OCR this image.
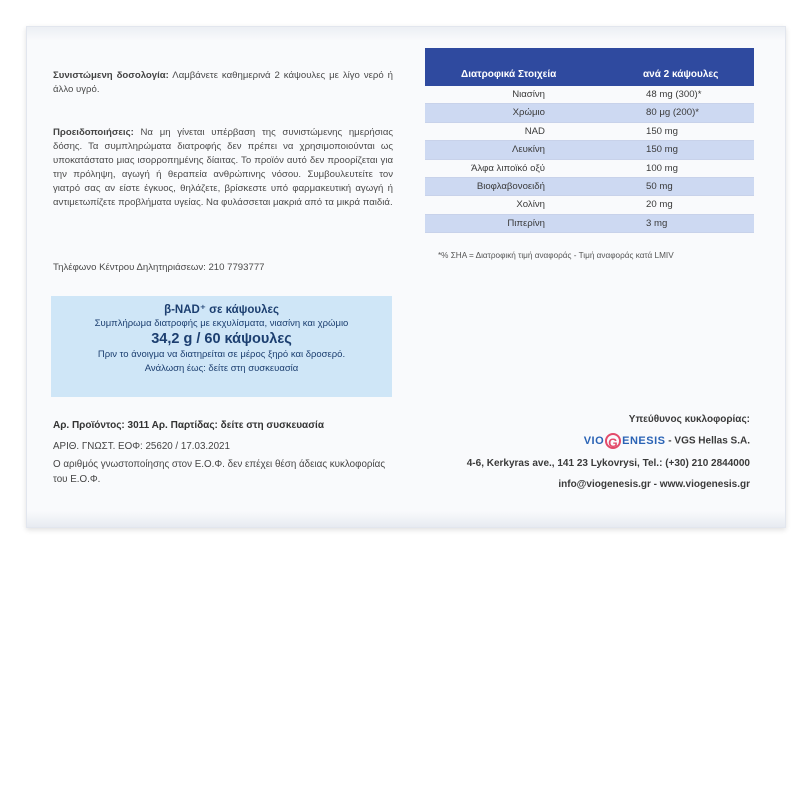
Συνιστώμενη δοσολογία: Λαμβάνετε καθημερινά 2 κάψουλες με λίγο νερό ή άλλο υγρό.
Προειδοποιήσεις: Να μη γίνεται υπέρβαση της συνιστώμενης ημερήσιας δόσης. Τα συμπληρώματα διατροφής δεν πρέπει να χρησιμοποιούνται ως υποκατάστατο μιας ισορροπημένης δίαιτας. Το προϊόν αυτό δεν προορίζεται για την πρόληψη, αγωγή ή θεραπεία ανθρώπινης νόσου. Συμβουλευτείτε τον γιατρό σας αν είστε έγκυος, θηλάζετε, βρίσκεστε υπό φαρμακευτική αγωγή ή αντιμετωπίζετε προβλήματα υγείας. Να φυλάσσεται μακριά από τα μικρά παιδιά.
Τηλέφωνο Κέντρου Δηλητηριάσεων: 210 7793777
β-NAD⁺ σε κάψουλες
Συμπλήρωμα διατροφής με εκχυλίσματα, νιασίνη και χρώμιο
34,2 g / 60 κάψουλες
Πριν το άνοιγμα να διατηρείται σε μέρος ξηρό και δροσερό.
Ανάλωση έως: δείτε στη συσκευασία
Αρ. Προϊόντος: 3011 Αρ. Παρτίδας: δείτε στη συσκευασία
ΑΡΙΘ. ΓΝΩΣΤ. ΕΟΦ: 25620 / 17.03.2021
Ο αριθμός γνωστοποίησης στον Ε.Ο.Φ. δεν επέχει θέση άδειας κυκλοφορίας του Ε.Ο.Φ.
Διατροφικά Στοιχεία	ανά 2 κάψουλες
Νιασίνη	48 mg (300)*
Χρώμιο	80 μg (200)*
NAD	150 mg
Λευκίνη	150 mg
Άλφα λιποϊκό οξύ	100 mg
Βιοφλαβονοειδή	50 mg
Χολίνη	20 mg
Πιπερίνη	3 mg
*% ΣΗΑ = Διατροφική τιμή αναφοράς - Τιμή αναφοράς κατά LMIV
Υπεύθυνος κυκλοφορίας:
VIO G ENESIS - VGS Hellas S.A.
4-6, Kerkyras ave., 141 23 Lykovrysi, Tel.: (+30) 210 2844000
info@viogenesis.gr - www.viogenesis.gr
